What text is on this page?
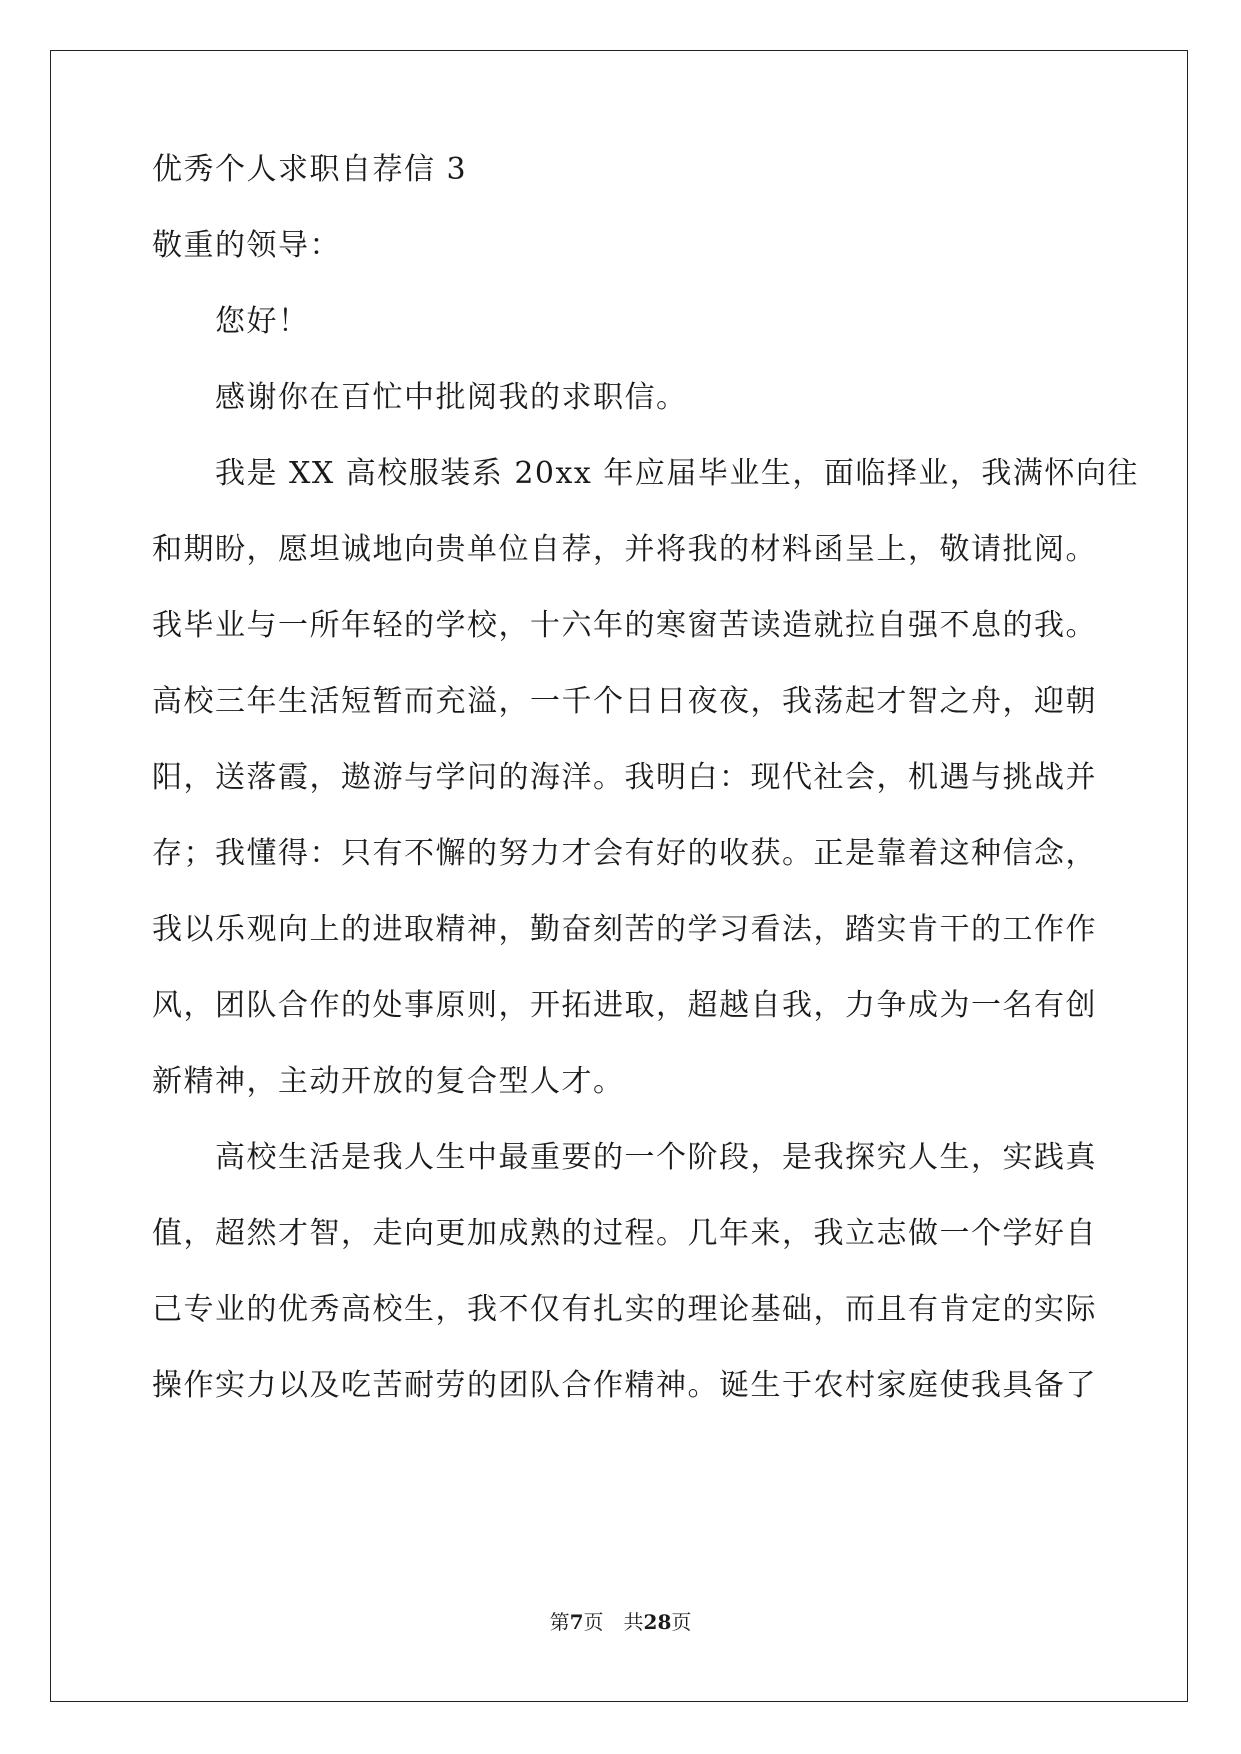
优秀个人求职自荐信 3
敬重的领导：
　　您好！
　　感谢你在百忙中批阅我的求职信。
　　我是 XX 高校服装系 20xx 年应届毕业生，面临择业，我满怀向往
和期盼，愿坦诚地向贵单位自荐，并将我的材料函呈上，敬请批阅。
我毕业与一所年轻的学校，十六年的寒窗苦读造就拉自强不息的我。
高校三年生活短暂而充溢，一千个日日夜夜，我荡起才智之舟，迎朝
阳，送落霞，遨游与学问的海洋。我明白：现代社会，机遇与挑战并
存；我懂得：只有不懈的努力才会有好的收获。正是靠着这种信念，
我以乐观向上的进取精神，勤奋刻苦的学习看法，踏实肯干的工作作
风，团队合作的处事原则，开拓进取，超越自我，力争成为一名有创
新精神，主动开放的复合型人才。
　　高校生活是我人生中最重要的一个阶段，是我探究人生，实践真
值，超然才智，走向更加成熟的过程。几年来，我立志做一个学好自
己专业的优秀高校生，我不仅有扎实的理论基础，而且有肯定的实际
操作实力以及吃苦耐劳的团队合作精神。诞生于农村家庭使我具备了
第7页　共28页
